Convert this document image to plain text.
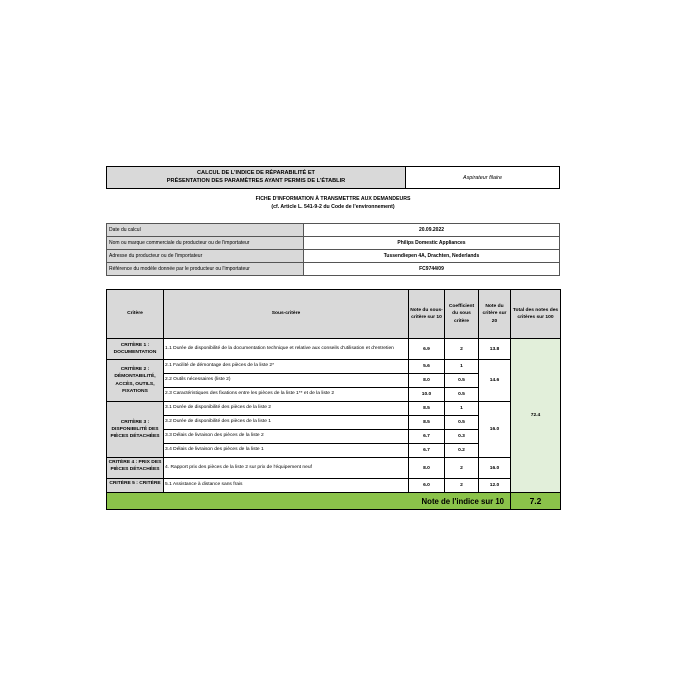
CALCUL DE L'INDICE DE RÉPARABILITÉ ET
PRÉSENTATION DES PARAMÈTRES AYANT PERMIS DE L'ÉTABLIR
Aspirateur filaire
FICHE D'INFORMATION À TRANSMETTRE AUX DEMANDEURS
(cf. Article L. 541-9-2 du Code de l'environnement)
Date du calcul	20.09.2022
Nom ou marque commerciale du producteur ou de l'importateur	Philips Domestic Appliances
Adresse du producteur ou de l'importateur	Tussendiepen 4A, Drachten, Nederlands
Référence du modèle donnée par le producteur ou l'importateur	FC9744/09
Critère	Sous-critère	Note du sous-critère sur 10	Coefficient du sous critère	Note du critère sur 20	Total des notes des critères sur 100
CRITÈRE 1 : DOCUMENTATION	1.1 Durée de disponibilité de la documentation technique et relative aux conseils d'utilisation et d'entretien	6.9	2	13.8	72.4
CRITÈRE 2 : DÉMONTABILITÉ, ACCÈS, OUTILS, FIXATIONS	2.1 Facilité de démontage des pièces de la liste 2*	5.6	1	14.6	
	2.2 Outils nécessaires (liste 2)	8.0	0.5		
	2.3 Caractéristiques des fixations entre les pièces de la liste 1** et de la liste 2	10.0	0.5		
CRITÈRE 3 : DISPONIBILITÉ DES PIÈCES DÉTACHÉES	3.1 Durée de disponibilité des pièces de la liste 2	8.5	1	16.0	
	3.2 Durée de disponibilité des pièces de la liste 1	8.5	0.5		
	3.3 Délais de livraison des pièces de la liste 2	6.7	0.3		
	3.4 Délais de livraison des pièces de la liste 1	6.7	0.2		

CRITÈRE 4 : PRIX DES PIÈCES DÉTACHÉES	4. Rapport prix des pièces de la liste 2 sur prix de l'équipement neuf	8.0	2	16.0	

CRITÈRE 5 : CRITÈRE	5.1 Assistance à distance sans frais	6.0	2	12.0	
Note de l'indice sur 10					7.2
